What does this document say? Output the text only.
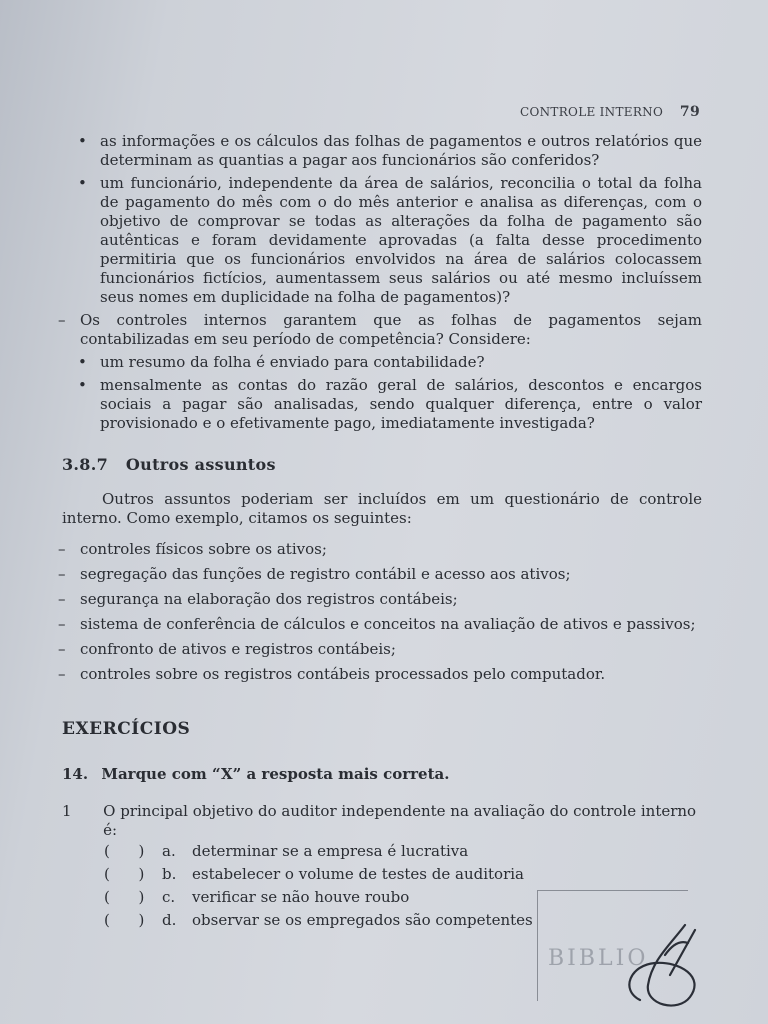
CONTROLE INTERNO 79
• as informações e os cálculos das folhas de pagamentos e outros relatórios que determinam as quantias a pagar aos funcionários são conferidos?
• um funcionário, independente da área de salários, reconcilia o total da folha de pagamento do mês com o do mês anterior e analisa as diferenças, com o objetivo de comprovar se todas as alterações da folha de pagamento são autênticas e foram devidamente aprovadas (a falta desse procedimento permitiria que os funcionários envolvidos na área de salários colocassem funcionários fictícios, aumentassem seus salários ou até mesmo incluíssem seus nomes em duplicidade na folha de pagamentos)?
– Os controles internos garantem que as folhas de pagamentos sejam contabilizadas em seu período de competência? Considere:
• um resumo da folha é enviado para contabilidade?
• mensalmente as contas do razão geral de salários, descontos e encargos sociais a pagar são analisadas, sendo qualquer diferença, entre o valor provisionado e o efetivamente pago, imediatamente investigada?
3.8.7 Outros assuntos
Outros assuntos poderiam ser incluídos em um questionário de controle interno. Como exemplo, citamos os seguintes:
– controles físicos sobre os ativos;
– segregação das funções de registro contábil e acesso aos ativos;
– segurança na elaboração dos registros contábeis;
– sistema de conferência de cálculos e conceitos na avaliação de ativos e passivos;
– confronto de ativos e registros contábeis;
– controles sobre os registros contábeis processados pelo computador.
EXERCÍCIOS
14. Marque com “X” a resposta mais correta.
1	O principal objetivo do auditor independente na avaliação do controle interno é:
(      )	a.	determinar se a empresa é lucrativa
(      )	b.	estabelecer o volume de testes de auditoria
(      )	c.	verificar se não houve roubo
(      )	d.	observar se os empregados são competentes
BIBLIO
